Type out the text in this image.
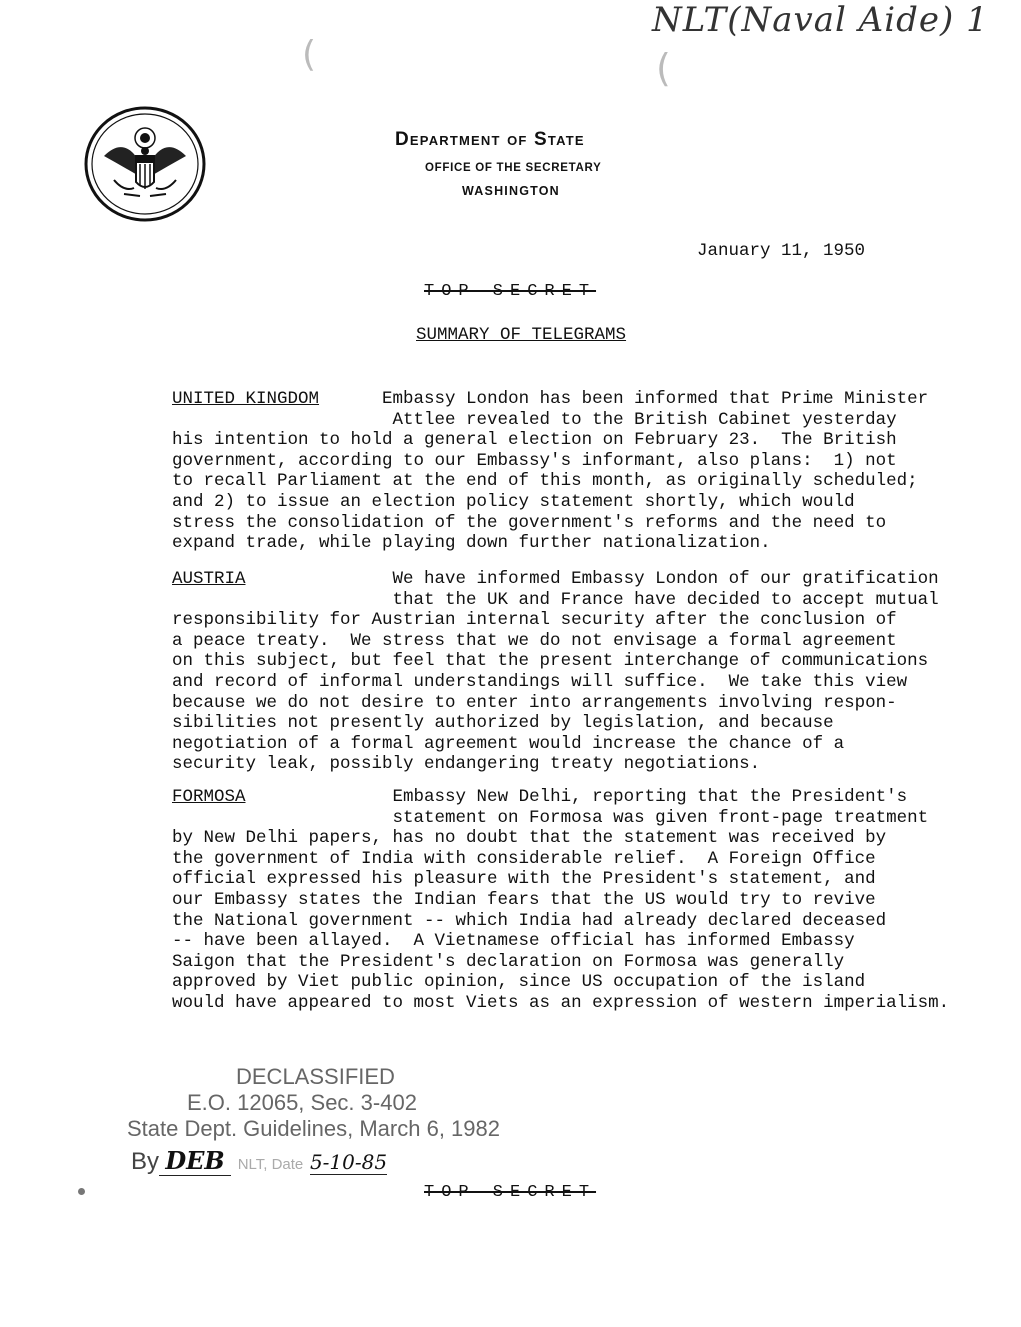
NLT(Naval Aide) 1
(	(
Department of State
OFFICE OF THE SECRETARY
WASHINGTON
January 11, 1950
TOP SECRET
SUMMARY OF TELEGRAMS
UNITED KINGDOM	Embassy London has been informed that Prime Minister
Attlee revealed to the British Cabinet yesterday
his intention to hold a general election on February 23.  The British
government, according to our Embassy's informant, also plans:  1) not
to recall Parliament at the end of this month, as originally scheduled;
and 2) to issue an election policy statement shortly, which would
stress the consolidation of the government's reforms and the need to
expand trade, while playing down further nationalization.
AUSTRIA	We have informed Embassy London of our gratification
that the UK and France have decided to accept mutual
responsibility for Austrian internal security after the conclusion of
a peace treaty.  We stress that we do not envisage a formal agreement
on this subject, but feel that the present interchange of communications
and record of informal understandings will suffice.  We take this view
because we do not desire to enter into arrangements involving respon-
sibilities not presently authorized by legislation, and because
negotiation of a formal agreement would increase the chance of a
security leak, possibly endangering treaty negotiations.
FORMOSA	Embassy New Delhi, reporting that the President's
statement on Formosa was given front-page treatment
by New Delhi papers, has no doubt that the statement was received by
the government of India with considerable relief.  A Foreign Office
official expressed his pleasure with the President's statement, and
our Embassy states the Indian fears that the US would try to revive
the National government -- which India had already declared deceased
-- have been allayed.  A Vietnamese official has informed Embassy
Saigon that the President's declaration on Formosa was generally
approved by Viet public opinion, since US occupation of the island
would have appeared to most Viets as an expression of western imperialism.
DECLASSIFIED
E.O. 12065, Sec. 3-402
State Dept. Guidelines, March 6, 1982
By DEB NLT, Date 5-10-85
TOP SECRET
